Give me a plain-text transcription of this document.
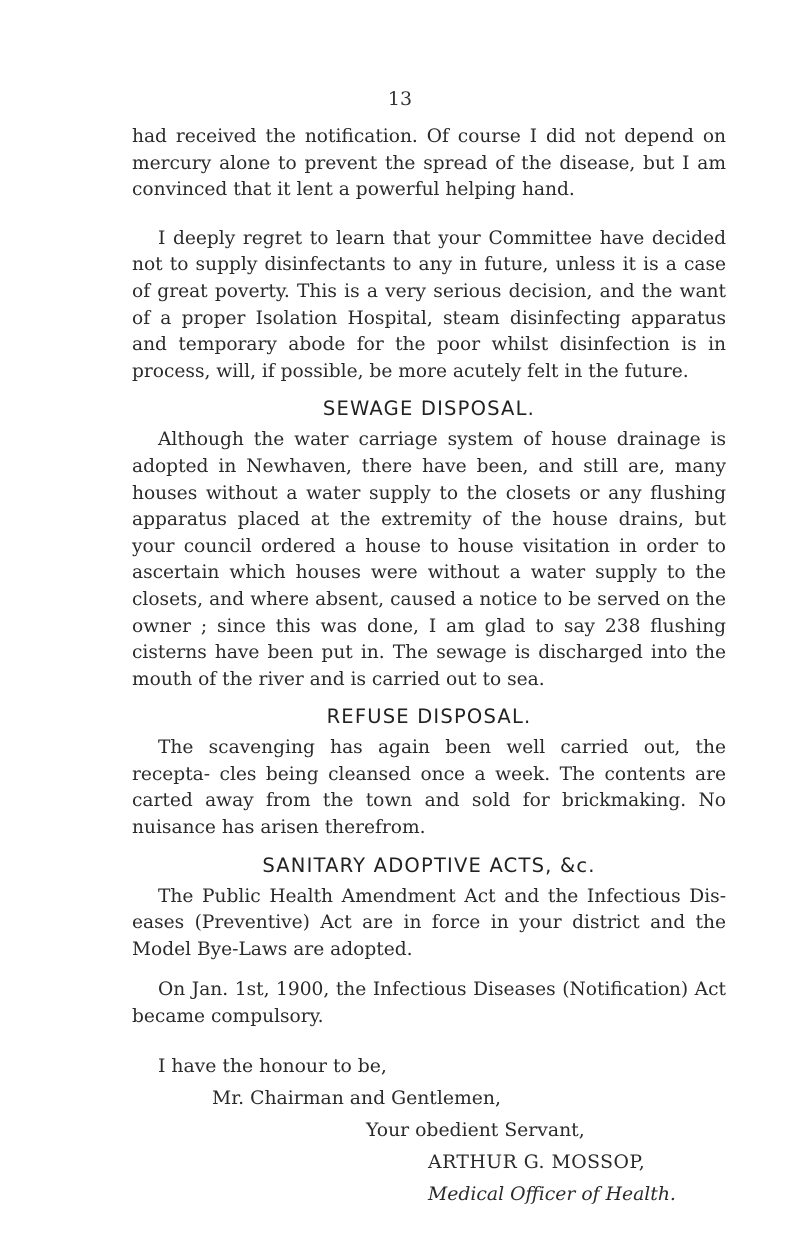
13

had received the notification. Of course I did not depend on mercury alone to prevent the spread of the disease, but I am convinced that it lent a powerful helping hand.

I deeply regret to learn that your Committee have decided not to supply disinfectants to any in future, unless it is a case of great poverty. This is a very serious decision, and the want of a proper Isolation Hospital, steam disinfecting apparatus and temporary abode for the poor whilst disinfection is in process, will, if possible, be more acutely felt in the future.

SEWAGE DISPOSAL.

Although the water carriage system of house drainage is adopted in Newhaven, there have been, and still are, many houses without a water supply to the closets or any flushing apparatus placed at the extremity of the house drains, but your council ordered a house to house visitation in order to ascertain which houses were without a water supply to the closets, and where absent, caused a notice to be served on the owner ; since this was done, I am glad to say 238 flushing cisterns have been put in. The sewage is discharged into the mouth of the river and is carried out to sea.

REFUSE DISPOSAL.

The scavenging has again been well carried out, the recepta- cles being cleansed once a week. The contents are carted away from the town and sold for brickmaking. No nuisance has arisen therefrom.

SANITARY ADOPTIVE ACTS, &c.

The Public Health Amendment Act and the Infectious Dis- eases (Preventive) Act are in force in your district and the Model Bye-Laws are adopted.

On Jan. 1st, 1900, the Infectious Diseases (Notification) Act became compulsory.

I have the honour to be,
Mr. Chairman and Gentlemen,
Your obedient Servant,
ARTHUR G. MOSSOP,
Medical Officer of Health.
